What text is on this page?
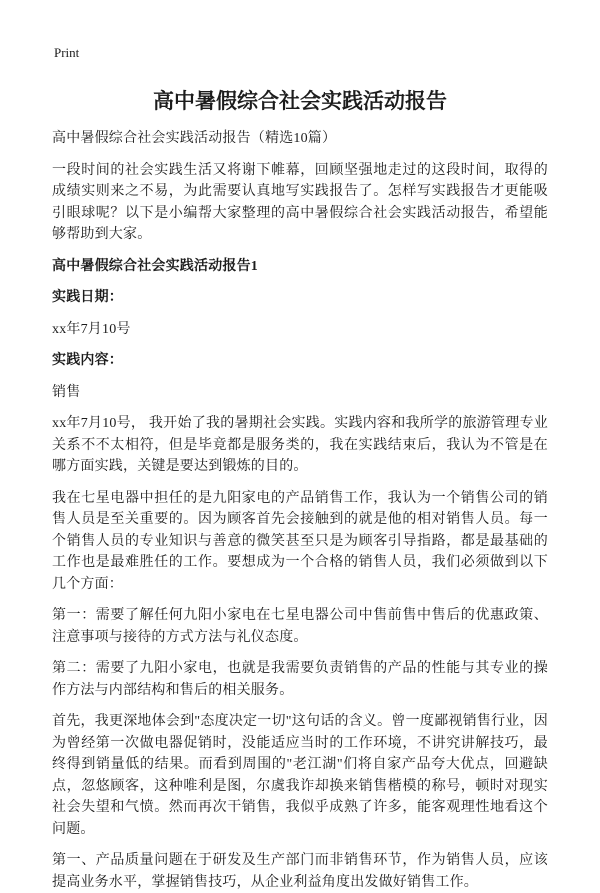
Print
高中暑假综合社会实践活动报告

高中暑假综合社会实践活动报告（精选10篇）

一段时间的社会实践生活又将谢下帷幕，回顾坚强地走过的这段时间，取得的成绩实则来之不易，为此需要认真地写实践报告了。怎样写实践报告才更能吸引眼球呢？以下是小编帮大家整理的高中暑假综合社会实践活动报告，希望能够帮助到大家。

高中暑假综合社会实践活动报告1
实践日期：

xx年7月10号

实践内容：

销售

xx年7月10号， 我开始了我的暑期社会实践。实践内容和我所学的旅游管理专业关系不不太相符，但是毕竟都是服务类的，我在实践结束后，我认为不管是在哪方面实践，关键是要达到锻炼的目的。

我在七星电器中担任的是九阳家电的产品销售工作，我认为一个销售公司的销售人员是至关重要的。因为顾客首先会接触到的就是他的相对销售人员。每一个销售人员的专业知识与善意的微笑甚至只是为顾客引导指路，都是最基础的工作也是最难胜任的工作。要想成为一个合格的销售人员，我们必须做到以下几个方面：

第一：需要了解任何九阳小家电在七星电器公司中售前售中售后的优惠政策、注意事项与接待的方式方法与礼仪态度。

第二：需要了九阳小家电，也就是我需要负责销售的产品的性能与其专业的操作方法与内部结构和售后的相关服务。

首先，我更深地体会到"态度决定一切"这句话的含义。曾一度鄙视销售行业，因为曾经第一次做电器促销时，没能适应当时的工作环境，不讲究讲解技巧，最终得到销量低的结果。而看到周围的"老江湖"们将自家产品夸大优点，回避缺点，忽悠顾客，这种唯利是图，尔虞我诈却换来销售楷模的称号，顿时对现实社会失望和气愤。然而再次干销售，我似乎成熟了许多，能客观理性地看这个问题。

第一、产品质量问题在于研发及生产部门而非销售环节，作为销售人员，应该提高业务水平，掌握销售技巧，从企业利益角度出发做好销售工作。
